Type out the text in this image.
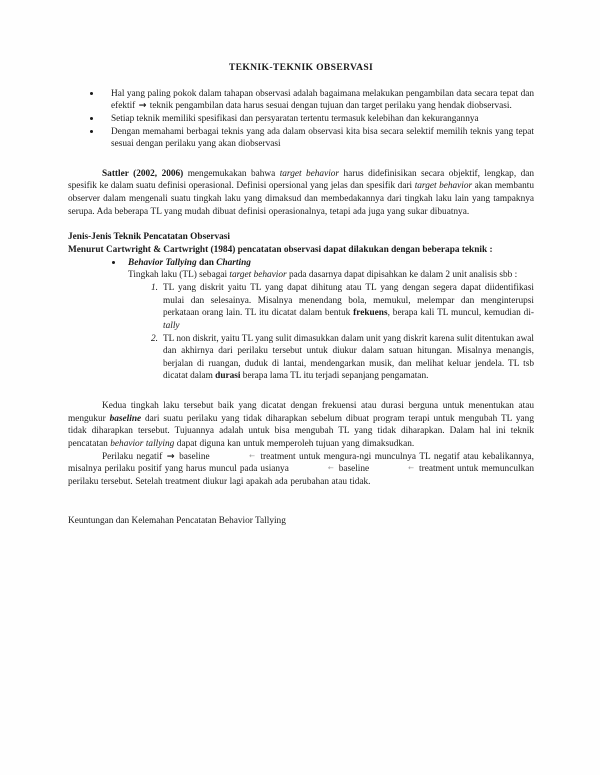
TEKNIK-TEKNIK OBSERVASI
Hal yang paling pokok dalam tahapan observasi adalah bagaimana melakukan pengambilan data secara tepat dan efektif → teknik pengambilan data harus sesuai dengan tujuan dan target perilaku yang hendak diobservasi.
Setiap teknik memiliki spesifikasi dan persyaratan tertentu termasuk kelebihan dan kekurangannya
Dengan memahami berbagai teknis yang ada dalam observasi kita bisa secara selektif memilih teknis yang tepat sesuai dengan perilaku yang akan diobservasi

Sattler (2002, 2006) mengemukakan bahwa target behavior harus didefinisikan secara objektif, lengkap, dan spesifik ke dalam suatu definisi operasional. Definisi opersional yang jelas dan spesifik dari target behavior akan membantu observer dalam mengenali suatu tingkah laku yang dimaksud dan membedakannya dari tingkah laku lain yang tampaknya serupa. Ada beberapa TL yang mudah dibuat definisi operasionalnya, tetapi ada juga yang sukar dibuatnya.

Jenis-Jenis Teknik Pencatatan Observasi

Menurut Cartwright & Cartwright (1984) pencatatan observasi dapat dilakukan dengan beberapa teknik :

Behavior Tallying dan Charting
Tingkah laku (TL) sebagai target behavior pada dasarnya dapat dipisahkan ke dalam 2 unit analisis sbb :
1. TL yang diskrit yaitu TL yang dapat dihitung atau TL yang dengan segera dapat diidentifikasi mulai dan selesainya. Misalnya menendang bola, memukul, melempar dan menginterupsi perkataan orang lain. TL itu dicatat dalam bentuk frekuens, berapa kali TL muncul, kemudian di-tally
2. TL non diskrit, yaitu TL yang sulit dimasukkan dalam unit yang diskrit karena sulit ditentukan awal dan akhirnya dari perilaku tersebut untuk diukur dalam satuan hitungan. Misalnya menangis, berjalan di ruangan, duduk di lantai, mendengarkan musik, dan melihat keluar jendela. TL tsb dicatat dalam durasi berapa lama TL itu terjadi sepanjang pengamatan.

Kedua tingkah laku tersebut baik yang dicatat dengan frekuensi atau durasi berguna untuk menentukan atau mengukur baseline dari suatu perilaku yang tidak diharapkan sebelum dibuat program terapi untuk mengubah TL yang tidak diharapkan tersebut. Tujuannya adalah untuk bisa mengubah TL yang tidak diharapkan. Dalam hal ini teknik pencatatan behavior tallying dapat diguna kan untuk memperoleh tujuan yang dimaksudkan.

Perilaku negatif → baseline	← treatment untuk mengura-ngi munculnya TL negatif atau kebalikannya, misalnya perilaku positif yang harus muncul pada usianya	← baseline	← treatment untuk memunculkan perilaku tersebut. Setelah treatment diukur lagi apakah ada perubahan atau tidak.

Keuntungan dan Kelemahan Pencatatan Behavior Tallying
